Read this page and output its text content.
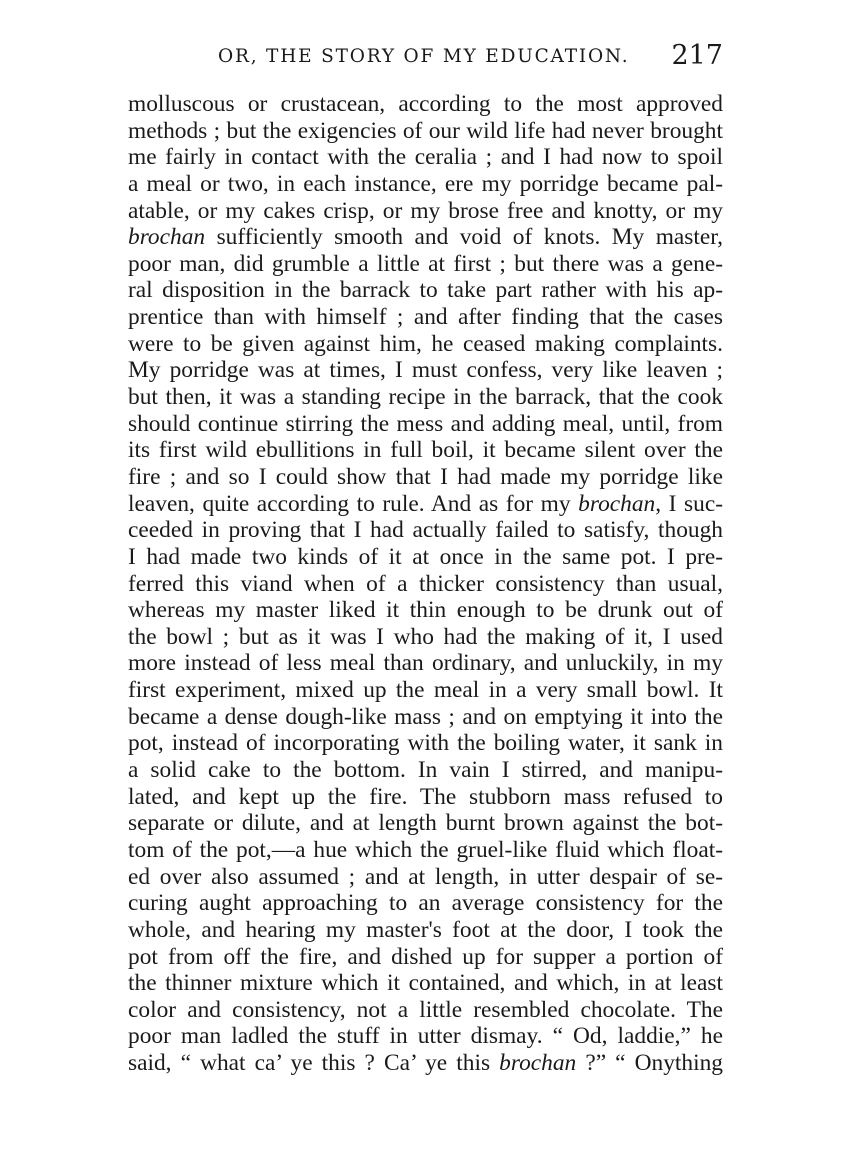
OR, THE STORY OF MY EDUCATION. 217
molluscous or crustacean, according to the most approved
methods ; but the exigencies of our wild life had never brought
me fairly in contact with the ceralia ; and I had now to spoil
a meal or two, in each instance, ere my porridge became pal-
atable, or my cakes crisp, or my brose free and knotty, or my
brochan sufficiently smooth and void of knots. My master,
poor man, did grumble a little at first ; but there was a gene-
ral disposition in the barrack to take part rather with his ap-
prentice than with himself ; and after finding that the cases
were to be given against him, he ceased making complaints.
My porridge was at times, I must confess, very like leaven ;
but then, it was a standing recipe in the barrack, that the cook
should continue stirring the mess and adding meal, until, from
its first wild ebullitions in full boil, it became silent over the
fire ; and so I could show that I had made my porridge like
leaven, quite according to rule. And as for my brochan, I suc-
ceeded in proving that I had actually failed to satisfy, though
I had made two kinds of it at once in the same pot. I pre-
ferred this viand when of a thicker consistency than usual,
whereas my master liked it thin enough to be drunk out of
the bowl ; but as it was I who had the making of it, I used
more instead of less meal than ordinary, and unluckily, in my
first experiment, mixed up the meal in a very small bowl. It
became a dense dough-like mass ; and on emptying it into the
pot, instead of incorporating with the boiling water, it sank in
a solid cake to the bottom. In vain I stirred, and manipu-
lated, and kept up the fire. The stubborn mass refused to
separate or dilute, and at length burnt brown against the bot-
tom of the pot,—a hue which the gruel-like fluid which float-
ed over also assumed ; and at length, in utter despair of se-
curing aught approaching to an average consistency for the
whole, and hearing my master's foot at the door, I took the
pot from off the fire, and dished up for supper a portion of
the thinner mixture which it contained, and which, in at least
color and consistency, not a little resembled chocolate. The
poor man ladled the stuff in utter dismay. “ Od, laddie,” he
said, “ what ca’ ye this ? Ca’ ye this brochan ?” “ Onything
